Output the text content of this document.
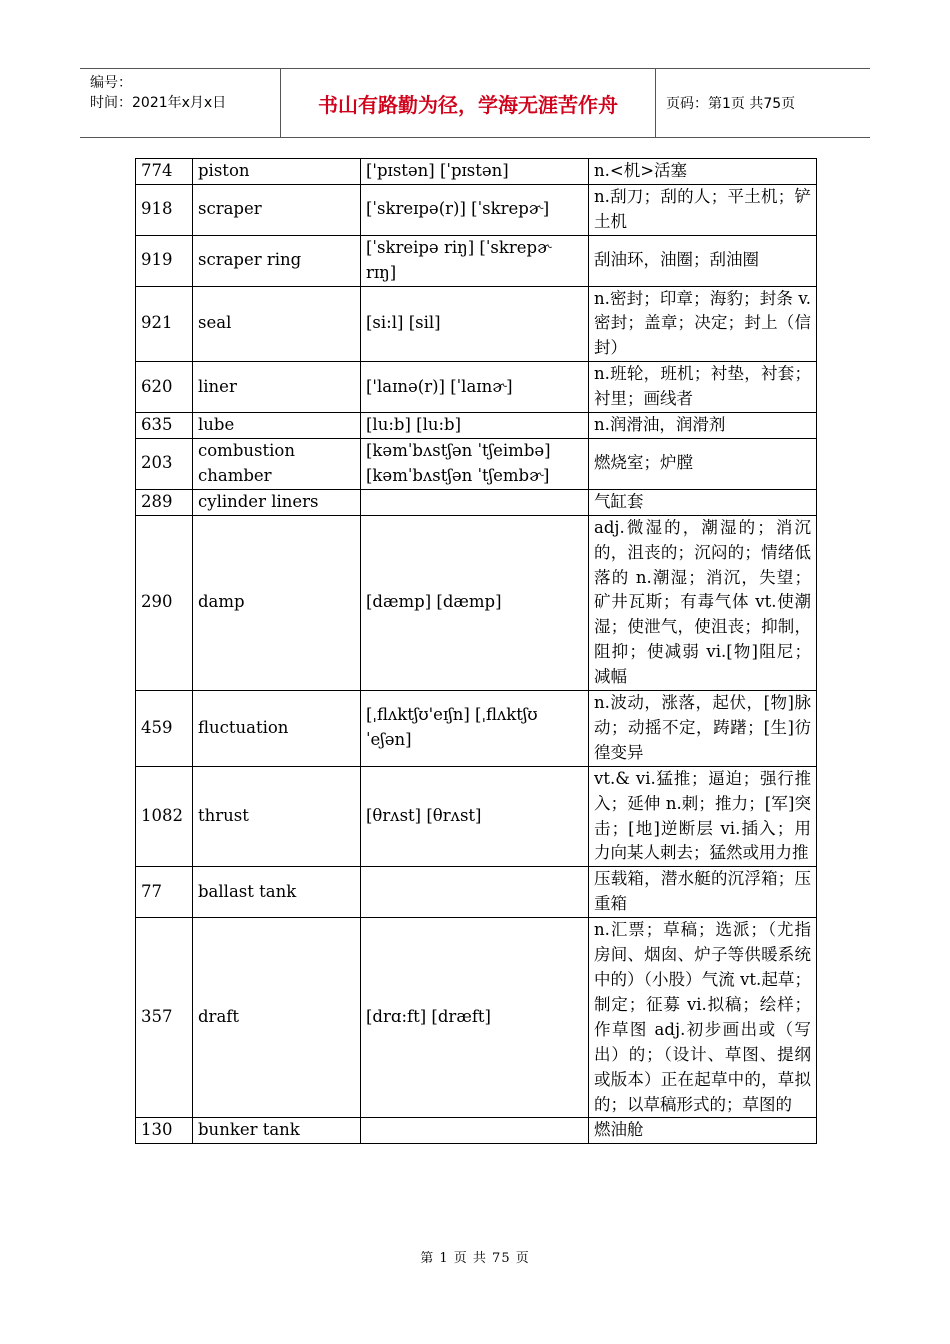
编号：
时间：2021年x月x日	书山有路勤为径，学海无涯苦作舟	页码：第1页 共75页
774	piston	['pɪstən] [ˈpɪstən]	n.<机>活塞
918	scraper	[ˈskreɪpə(r)] [ˈskrepɚ]	n.刮刀；刮的人；平土机；铲土机
919	scraper ring	[ˈskreipə riŋ] [ˈskrepɚ rɪŋ]	刮油环，油圈；刮油圈
921	seal	[si:l] [sil]	n.密封；印章；海豹；封条 v.密封；盖章；决定；封上（信封）
620	liner	['laɪnə(r)] [ˈlaɪnɚ]	n.班轮，班机；衬垫，衬套；衬里；画线者
635	lube	[lu:b] [lu:b]	n.润滑油，润滑剂
203	combustion chamber	[kəmˈbʌstʃən ˈtʃeimbə] [kəmˈbʌstʃən ˈtʃembɚ]	燃烧室；炉膛
289	cylinder liners		气缸套
290	damp	[dæmp] [dæmp]	adj.微湿的，潮湿的；消沉的，沮丧的；沉闷的；情绪低落的 n.潮湿；消沉，失望；矿井瓦斯；有毒气体 vt.使潮湿；使泄气，使沮丧；抑制，阻抑；使减弱 vi.[物]阻尼；减幅
459	fluctuation	[ˌflʌktʃʊ'eɪʃn] [ˌflʌktʃʊˈeʃən]	n.波动，涨落，起伏，[物]脉动；动摇不定，踌躇；[生]彷徨变异
1082	thrust	[θrʌst] [θrʌst]	vt.& vi.猛推；逼迫；强行推入；延伸 n.刺；推力；[军]突击；[地]逆断层 vi.插入；用力向某人刺去；猛然或用力推
77	ballast tank		压载箱，潜水艇的沉浮箱；压重箱
357	draft	[drɑ:ft] [dræft]	n.汇票；草稿；选派；（尤指房间、烟囱、炉子等供暖系统中的）（小股）气流 vt.起草；制定；征募 vi.拟稿；绘样；作草图 adj.初步画出或（写出）的；（设计、草图、提纲或版本）正在起草中的，草拟的；以草稿形式的；草图的
130	bunker tank		燃油舱
第 1 页 共 75 页
